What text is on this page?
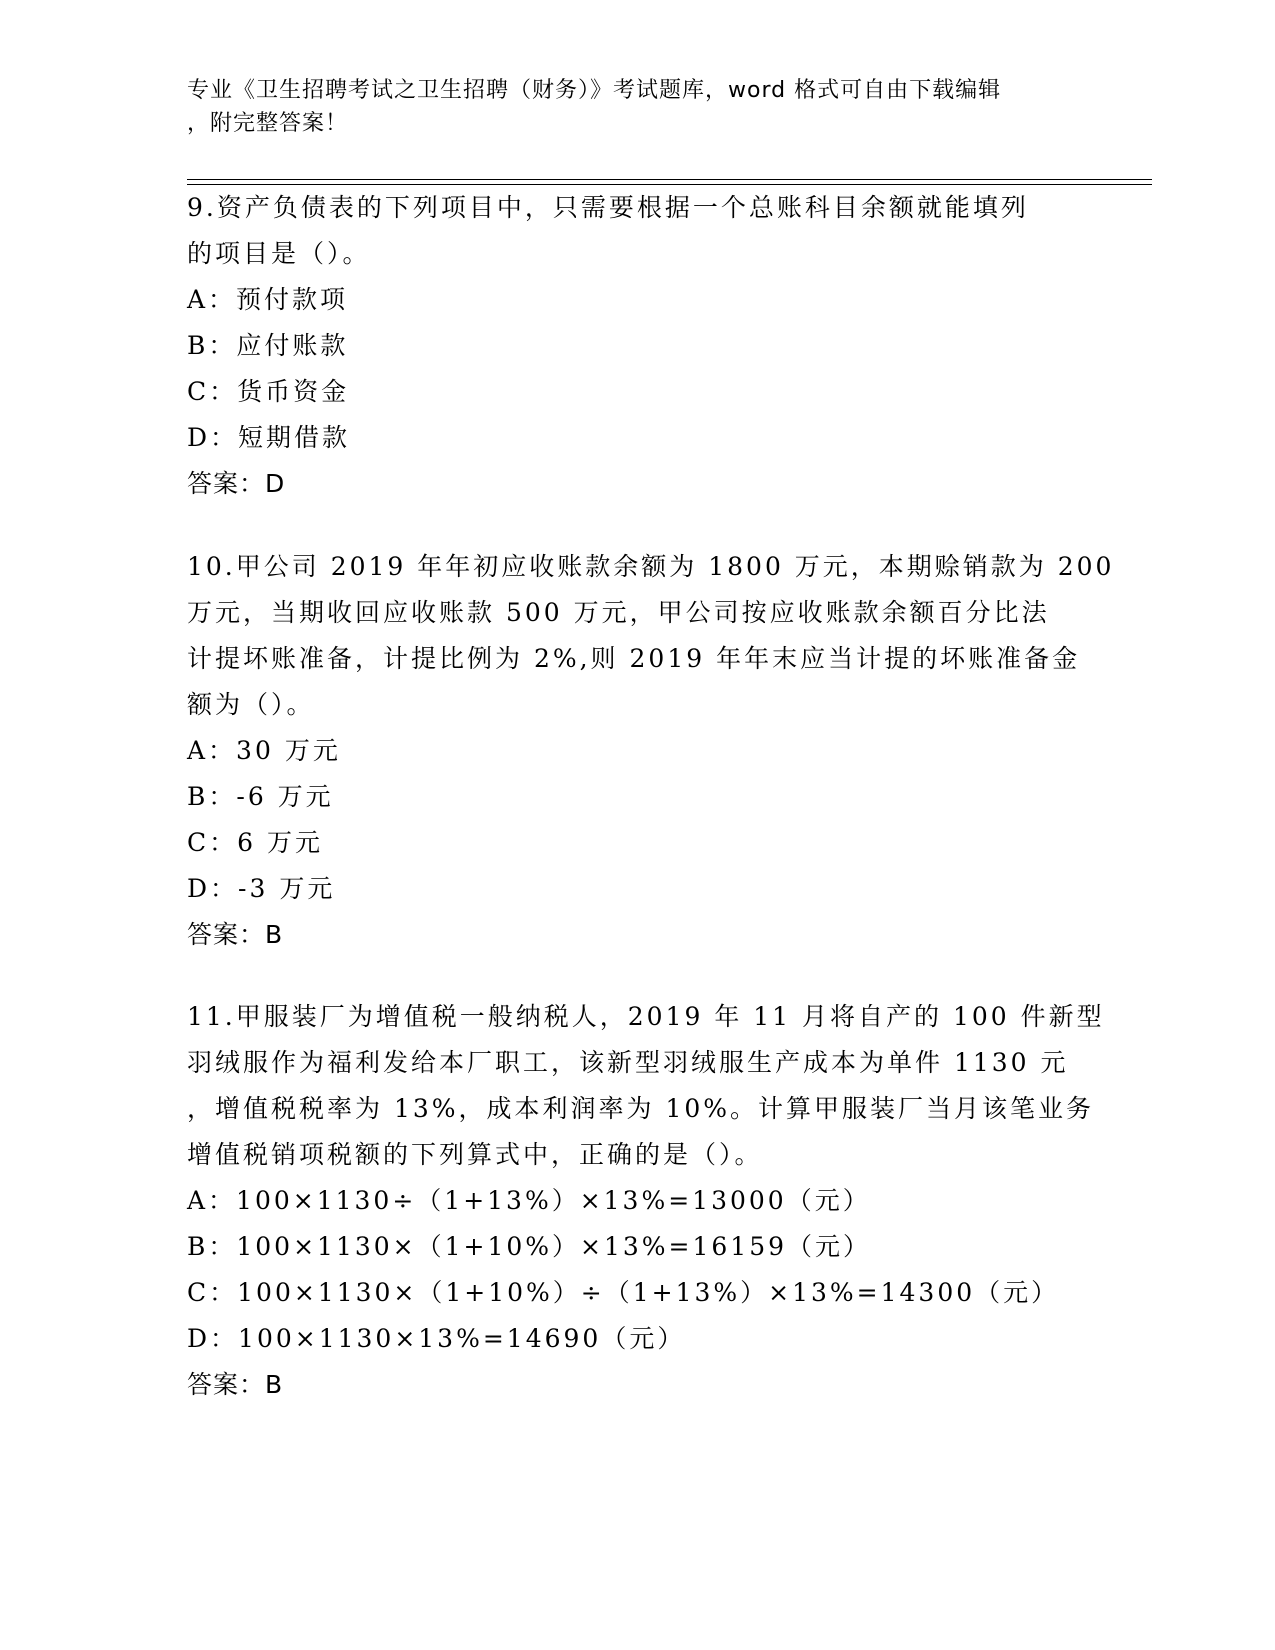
专业《卫生招聘考试之卫生招聘（财务）》考试题库，word 格式可自由下载编辑
，附完整答案！
9.资产负债表的下列项目中，只需要根据一个总账科目余额就能填列
的项目是（）。
A：预付款项
B：应付账款
C：货币资金
D：短期借款
答案：D
10.甲公司 2019 年年初应收账款余额为 1800 万元，本期赊销款为 200
万元，当期收回应收账款 500 万元，甲公司按应收账款余额百分比法
计提坏账准备，计提比例为 2%,则 2019 年年末应当计提的坏账准备金
额为（）。
A：30 万元
B：-6 万元
C：6 万元
D：-3 万元
答案：B
11.甲服装厂为增值税一般纳税人，2019 年 11 月将自产的 100 件新型
羽绒服作为福利发给本厂职工，该新型羽绒服生产成本为单件 1130 元
，增值税税率为 13%，成本利润率为 10%。计算甲服装厂当月该笔业务
增值税销项税额的下列算式中，正确的是（）。
A：100×1130÷（1+13%）×13%=13000（元）
B：100×1130×（1+10%）×13%=16159（元）
C：100×1130×（1+10%）÷（1+13%）×13%=14300（元）
D：100×1130×13%=14690（元）
答案：B
